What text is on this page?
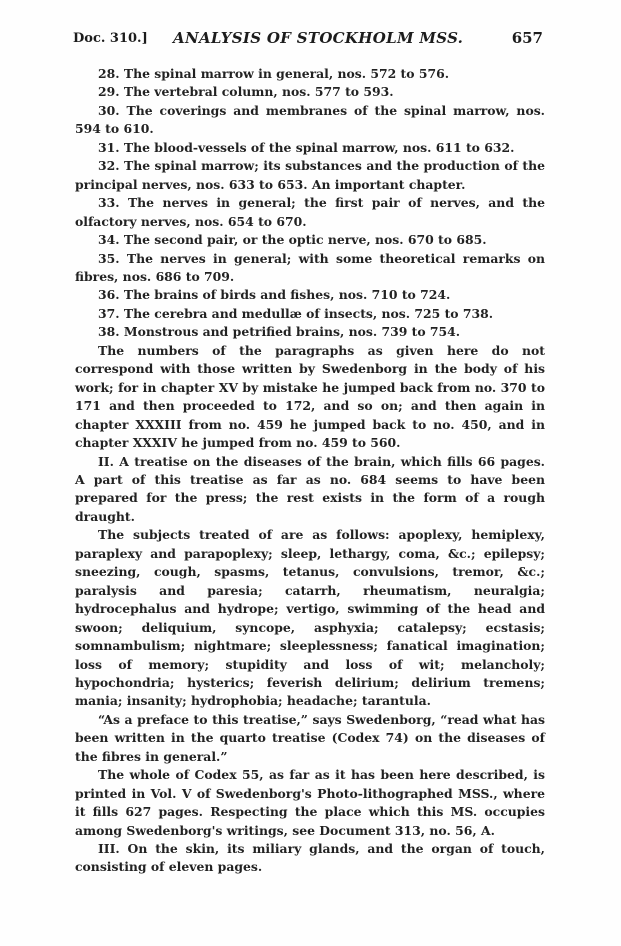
Doc. 310.] ANALYSIS OF STOCKHOLM MSS.	657

28. The spinal marrow in general, nos. 572 to 576.

29. The vertebral column, nos. 577 to 593.

30. The coverings and membranes of the spinal marrow, nos. 594 to 610.

31. The blood-vessels of the spinal marrow, nos. 611 to 632.

32. The spinal marrow; its substances and the production of the principal nerves, nos. 633 to 653. An important chapter.

33. The nerves in general; the first pair of nerves, and the olfactory nerves, nos. 654 to 670.

34. The second pair, or the optic nerve, nos. 670 to 685.

35. The nerves in general; with some theoretical remarks on fibres, nos. 686 to 709.

36. The brains of birds and fishes, nos. 710 to 724.

37. The cerebra and medullæ of insects, nos. 725 to 738.

38. Monstrous and petrified brains, nos. 739 to 754.

The numbers of the paragraphs as given here do not correspond with those written by Swedenborg in the body of his work; for in chapter XV by mistake he jumped back from no. 370 to 171 and then proceeded to 172, and so on; and then again in chapter XXXIII from no. 459 he jumped back to no. 450, and in chapter XXXIV he jumped from no. 459 to 560.

II. A treatise on the diseases of the brain, which fills 66 pages. A part of this treatise as far as no. 684 seems to have been prepared for the press; the rest exists in the form of a rough draught.

The subjects treated of are as follows: apoplexy, hemiplexy, paraplexy and parapoplexy; sleep, lethargy, coma, &c.; epilepsy; sneezing, cough, spasms, tetanus, convulsions, tremor, &c.; paralysis and paresia; catarrh, rheumatism, neuralgia; hydrocephalus and hydrope; vertigo, swimming of the head and swoon; deliquium, syncope, asphyxia; catalepsy; ecstasis; somnambulism; nightmare; sleeplessness; fanatical imagination; loss of memory; stupidity and loss of wit; melancholy; hypochondria; hysterics; feverish delirium; delirium tremens; mania; insanity; hydrophobia; headache; tarantula.

“As a preface to this treatise,” says Swedenborg, “read what has been written in the quarto treatise (Codex 74) on the diseases of the fibres in general.”

The whole of Codex 55, as far as it has been here described, is printed in Vol. V of Swedenborg's Photo-lithographed MSS., where it fills 627 pages. Respecting the place which this MS. occupies among Swedenborg's writings, see Document 313, no. 56, A.

III. On the skin, its miliary glands, and the organ of touch, consisting of eleven pages.
